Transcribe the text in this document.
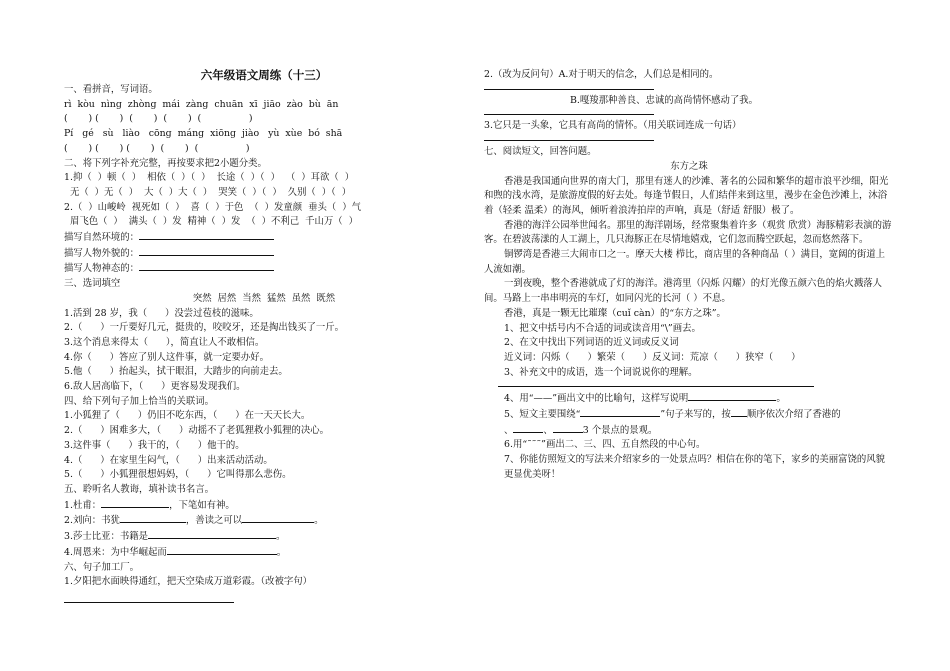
六年级语文周练（十三）
一、看拼音，写词语。
rì  kòu  nìng  zhòng  mái  zàng  chuān  xī  jiāo  zào  bù  ān
(       ) (       )  (       )  (       )  (                )
Pí   gé   sù   liào   cōng  máng  xiōng  jiào   yù  xùe  bó  shā
(       ) (       ) (       )  (       )  (                )
二、将下列字补充完整，再按要求把2小题分类。
1.抑（  ）顿（  ）  相依（  ）（  ）  长途（  ）（  ）  （  ）耳欲（  ）
无（  ）无（  ）  大（  ）大（  ）  哭笑（  ）（  ）  久别（  ）（  ）
2.（  ）山峻岭  视死如（  ）  喜（  ）于色  （  ）发童颜  垂头（  ）气
眉飞色（  ）  满头（  ）发  精神（  ）发  （  ）不利己  千山万（  ）
描写自然环境的：
描写人物外貌的：
描写人物神态的：
三、选词填空
突然  居然  当然  猛然  虽然  既然
1.活到 28 岁，我（      ）没尝过苞枝的滋味。
2.（      ）一斤要好几元，挺贵的，咬咬牙，还是掏出钱买了一斤。
3.这个消息来得太（      ），简直让人不敢相信。
4.你（      ）答应了别人这件事，就一定要办好。
5.他（      ）抬起头，拭干眼泪，大踏步的向前走去。
6.敌人居高临下，（      ）更容易发现我们。
四、给下列句子加上恰当的关联词。
1.小狐狸了（      ）仍旧不吃东西，（      ）在一天天长大。
2.（      ）困难多大，（      ）动摇不了老狐狸救小狐狸的决心。
3.这件事（      ）我干的，（      ）他干的。
4.（      ）在家里生闷气，（      ）出来活动活动。
5.（      ）小狐狸很想妈妈，（      ）它叫得那么悲伤。
五、聆听名人教诲，填补读书名言。
1.杜甫：	，下笔如有神。
2.刘向：书犹	，善读之可以	。
3.莎士比亚：书籍是	。
4.周恩来：为中华崛起而	。
六、句子加工厂。
1.夕阳把水面映得通红，把天空染成万道彩霞。（改被字句）
2.（改为反问句）A.对于明天的信念，人们总是相同的。
B.嘎羧那种善良、忠诚的高尚情怀感动了我。
3.它只是一头象，它具有高尚的情怀。（用关联词连成一句话）
七、阅读短文，回答问题。
东方之珠
香港是我国通向世界的南大门，那里有迷人的沙滩、著名的公园和繁华的超市浪平沙细，阳光和煦的浅水湾，是旅游度假的好去处。每逢节假日，人们结伴来到这里，漫步在金色沙滩上，沐浴着（轻柔 温柔）的海风，倾听着浪涛拍岸的声响，真是（舒适 舒服）极了。
香港的海洋公园举世闻名。那里的海洋剧场，经常聚集着许多（观赏 欣赏）海豚精彩表演的游客。在碧波荡漾的人工湖上，几只海豚正在尽情地嬉戏，它们忽而腾空跃起，忽而悠然落下。
铜锣湾是香港三大闹市口之一。摩天大楼 栉比，商店里的各种商品（ ）满目，宽阔的街道上人流如潮。
一到夜晚，整个香港就成了灯的海洋。港湾里（闪烁 闪耀）的灯光像五颜六色的焰火溅落人间。马路上一串串明亮的车灯，如同闪光的长河（ ）不息。
香港，真是一颗无比璀璨（cuǐ càn）的“东方之珠”。
1、把文中括号内不合适的词或读音用“\”画去。
2、在文中找出下列词语的近义词或反义词
近义词：闪烁（      ）繁荣（      ）反义词：荒凉（      ）狭窄（      ）
3、补充文中的成语，选一个词说说你的理解。
4、用“——”画出文中的比喻句，这样写说明	。
5、短文主要围绕“	”句子来写的，按 顺序依次介绍了香港的
、	、	3 个景点的景观。
6.用“˜˜˜”画出二、三、四、五自然段的中心句。
7、你能仿照短文的写法来介绍家乡的一处景点吗？相信在你的笔下，家乡的美丽富饶的风貌更显优美呀！
